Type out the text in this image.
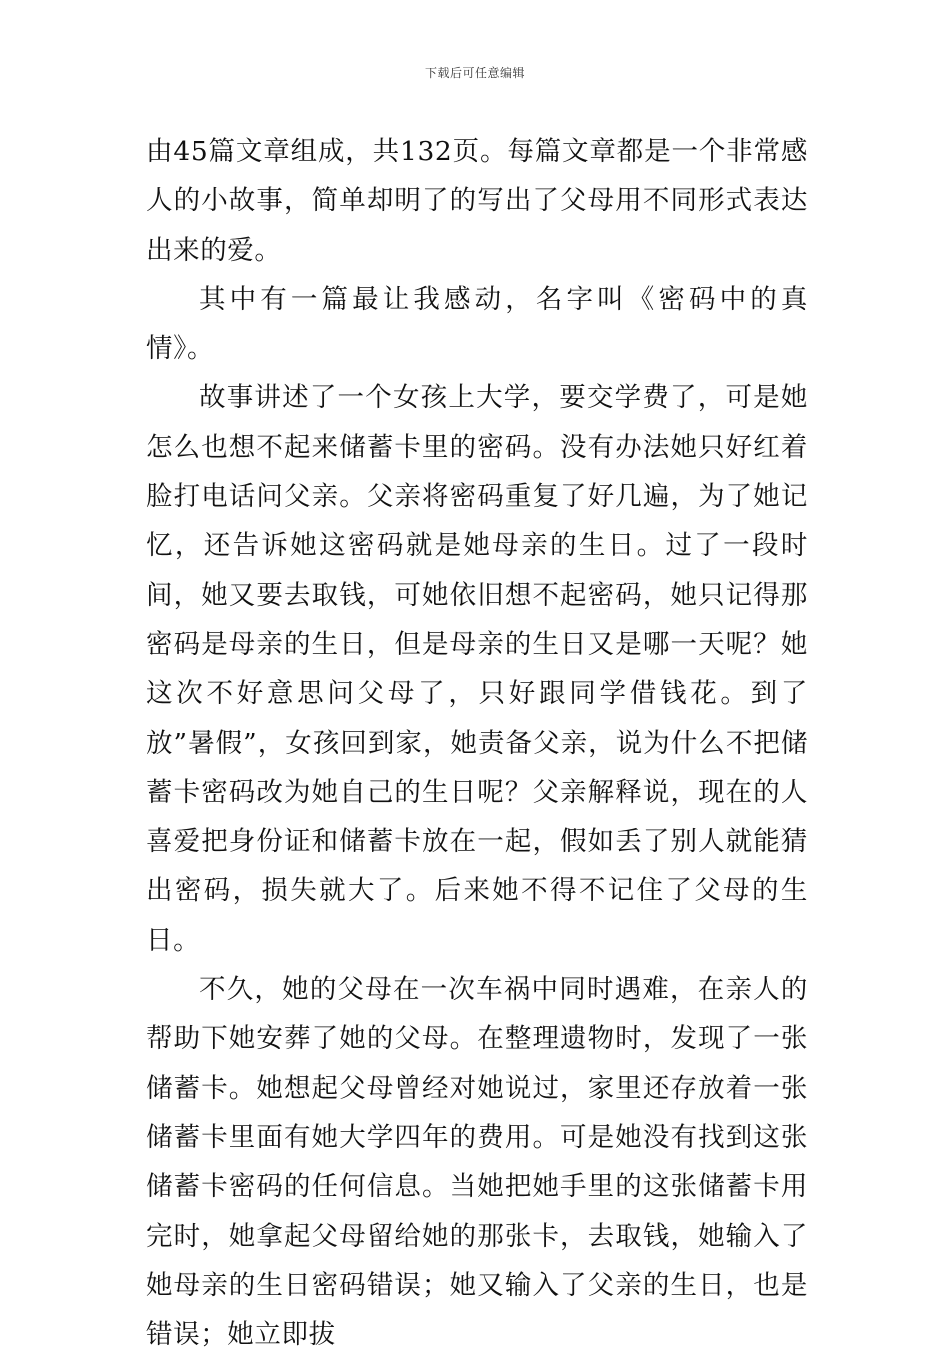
下载后可任意编辑

由45篇文章组成，共132页。每篇文章都是一个非常感人的小故事，简单却明了的写出了父母用不同形式表达出来的爱。

其中有一篇最让我感动，名字叫《密码中的真情》。

故事讲述了一个女孩上大学，要交学费了，可是她怎么也想不起来储蓄卡里的密码。没有办法她只好红着脸打电话问父亲。父亲将密码重复了好几遍，为了她记忆，还告诉她这密码就是她母亲的生日。过了一段时间，她又要去取钱，可她依旧想不起密码，她只记得那密码是母亲的生日，但是母亲的生日又是哪一天呢？她这次不好意思问父母了，只好跟同学借钱花。到了放”暑假”，女孩回到家，她责备父亲，说为什么不把储蓄卡密码改为她自己的生日呢？父亲解释说，现在的人喜爱把身份证和储蓄卡放在一起，假如丢了别人就能猜出密码，损失就大了。后来她不得不记住了父母的生日。

不久，她的父母在一次车祸中同时遇难，在亲人的帮助下她安葬了她的父母。在整理遗物时，发现了一张储蓄卡。她想起父母曾经对她说过，家里还存放着一张储蓄卡里面有她大学四年的费用。可是她没有找到这张储蓄卡密码的任何信息。当她把她手里的这张储蓄卡用完时，她拿起父母留给她的那张卡，去取钱，她输入了她母亲的生日密码错误；她又输入了父亲的生日，也是错误；她立即拔
